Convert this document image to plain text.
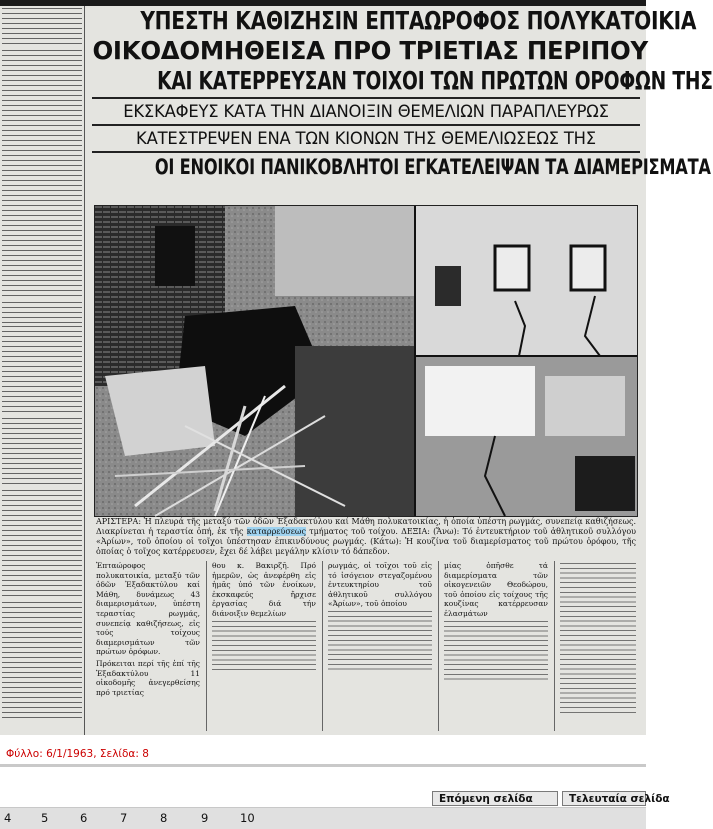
ΥΠΕΣΤΗ ΚΑΘΙΖΗΣΙΝ ΕΠΤΑΩΡΟΦΟΣ ΠΟΛΥΚΑΤΟΙΚΙΑ
ΟΙΚΟΔΟΜΗΘΕΙΣΑ ΠΡΟ ΤΡΙΕΤΙΑΣ ΠΕΡΙΠΟΥ
ΚΑΙ ΚΑΤΕΡΡΕΥΣΑΝ ΤΟΙΧΟΙ ΤΩΝ ΠΡΩΤΩΝ ΟΡΟΦΩΝ ΤΗΣ
ΕΚΣΚΑΦΕΥΣ ΚΑΤΑ ΤΗΝ ΔΙΑΝΟΙΞΙΝ ΘΕΜΕΛΙΩΝ ΠΑΡΑΠΛΕΥΡΩΣ
ΚΑΤΕΣΤΡΕΨΕΝ ΕΝΑ ΤΩΝ ΚΙΟΝΩΝ ΤΗΣ ΘΕΜΕΛΙΩΣΕΩΣ ΤΗΣ
ΟΙ ΕΝΟΙΚΟΙ ΠΑΝΙΚΟΒΛΗΤΟΙ ΕΓΚΑΤΕΛΕΙΨΑΝ ΤΑ ΔΙΑΜΕΡΙΣΜΑΤΑ
ΑΡΙΣΤΕΡΑ: Ἡ πλευρά τῆς μεταξύ τῶν ὁδῶν Ἐξαδακτύλου καί Μάθη πολυκατοικίας, ἡ ὁποία ὑπέστη ρωγμάς, συνεπείᾳ καθιζήσεως. Διακρίνεται ἡ τεραστία ὀπή, ἐκ τῆς καταρρεύσεως τμήματος τοῦ τοίχου. ΔΕΞΙΑ: (Ἄνω): Τό ἐντευκτήριον τοῦ ἀθλητικοῦ συλλόγου «Ἀρίων», τοῦ ὁποίου οἱ τοῖχοι ὑπέστησαν ἐπικινδύνους ρωγμάς. (Κάτω): Ἡ κουζίνα τοῦ διαμερίσματος τοῦ πρώτου ὀρόφου, τῆς ὁποίας ὁ τοῖχος κατέρρευσεν, ἔχει δέ λάβει μεγάλην κλίσιν τό δάπεδον.
Ἑπταώροφος πολυκατοικία, μεταξύ τῶν ὁδῶν Ἐξαδακτύλου καί Μάθη, δυνάμεως 43 διαμερισμάτων, ὑπέστη τεραστίας ρωγμάς, συνεπείᾳ καθιζήσεως, εἰς τούς τοίχους διαμερισμάτων τῶν πρώτων ὀρόφων.
Πρόκειται περί τῆς ἐπί τῆς Ἐξαδακτύλου 11 οἰκοδομῆς ἀνεγερθείσης πρό τριετίας
θου κ. Βακιρζῆ. Πρό ἡμερῶν, ὡς ἀνεφέρθη εἰς ἡμᾶς ὑπό τῶν ἐνοίκων, ἐκσκαφεύς ἤρχισε ἐργασίας διά τήν διάνοιξιν θεμελίων
ρωγμάς, οἱ τοῖχοι τοῦ εἰς τό ἰσόγειον στεγαζομένου ἐντευκτηρίου τοῦ ἀθλητικοῦ συλλόγου «Ἀρίων», τοῦ ὁποίου
μίας ὀπῆσθε τά διαμερίσματα τῶν οἰκογενειῶν Θεοδώρου, τοῦ ὁποίου εἰς τοίχους τῆς κουζίνας κατέρρευσαν ἐλασμάτων
Φύλλο: 6/1/1963, Σελίδα: 8
Επόμενη σελίδα	Τελευταία σελίδα
4	5	6	7	8	9	10
